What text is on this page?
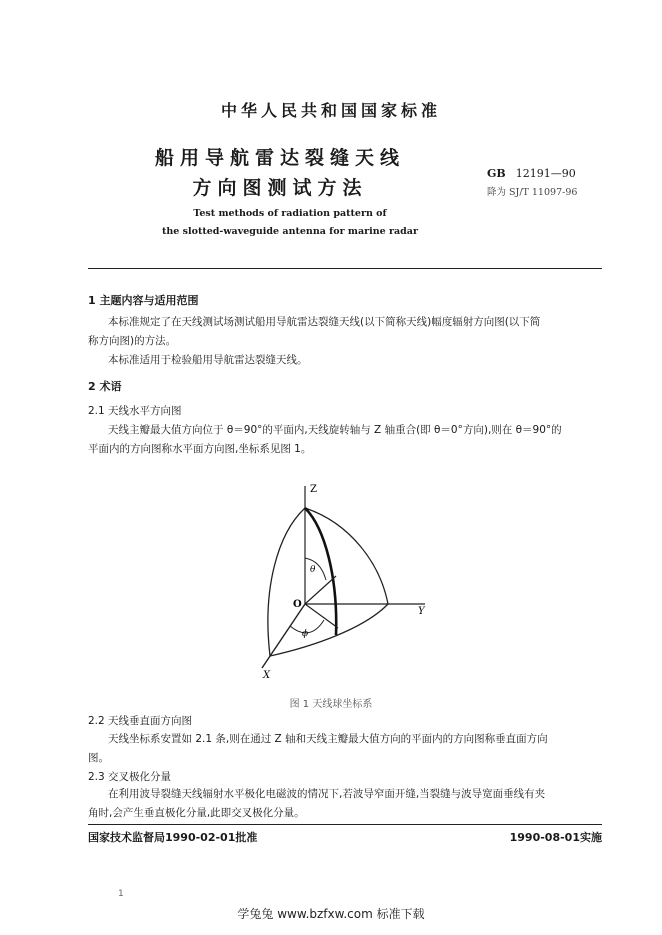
中华人民共和国国家标准
船用导航雷达裂缝天线
方向图测试方法
Test methods of radiation pattern of
the slotted-waveguide antenna for marine radar
GB 12191—90
降为 SJ/T 11097-96
1 主题内容与适用范围
本标准规定了在天线测试场测试船用导航雷达裂缝天线(以下简称天线)幅度辐射方向图(以下简
称方向图)的方法。
本标准适用于检验船用导航雷达裂缝天线。
2 术语
2.1 天线水平方向图
天线主瓣最大值方向位于 θ＝90°的平面内,天线旋转轴与 Z 轴重合(即 θ＝0°方向),则在 θ＝90°的
平面内的方向图称水平面方向图,坐标系见图 1。
Z
Y
X
O
θ
ϕ
图 1 天线球坐标系
2.2 天线垂直面方向图
天线坐标系安置如 2.1 条,则在通过 Z 轴和天线主瓣最大值方向的平面内的方向图称垂直面方向
图。
2.3 交叉极化分量
在利用波导裂缝天线辐射水平极化电磁波的情况下,若波导窄面开缝,当裂缝与波导宽面垂线有夹
角时,会产生垂直极化分量,此即交叉极化分量。
国家技术监督局1990-02-01批准	1990-08-01实施
1
学兔兔 www.bzfxw.com 标准下载
